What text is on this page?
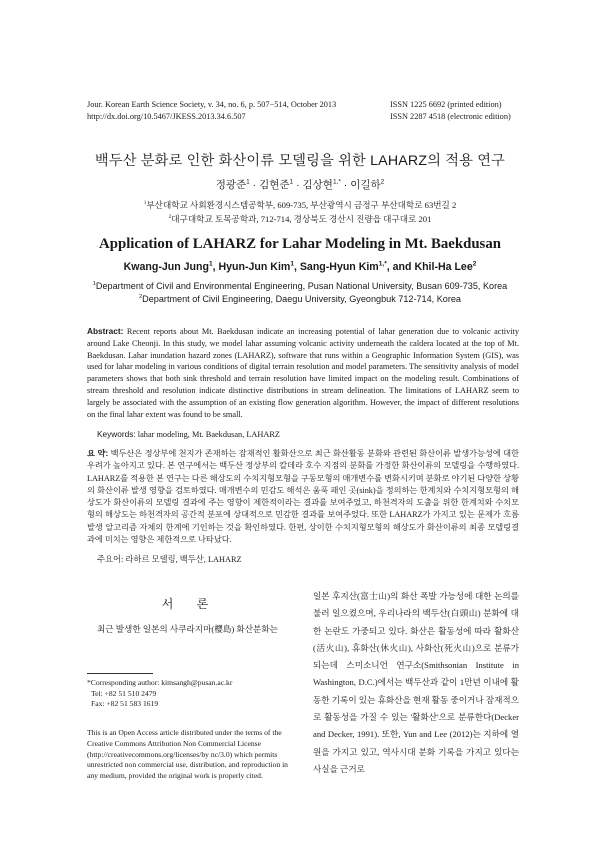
Jour. Korean Earth Science Society, v. 34, no. 6, p. 507−514, October 2013
http://dx.doi.org/10.5467/JKESS.2013.34.6.507
ISSN 1225 6692 (printed edition)
ISSN 2287 4518 (electronic edition)
백두산 분화로 인한 화산이류 모델링을 위한 LAHARZ의 적용 연구
정광준$^1$ · 김현준$^1$ · 김상현$^{1,*}$ · 이길하$^2$
$^1$부산대학교 사회환경시스템공학부, 609-735, 부산광역시 금정구 부산대학로 63번길 2
$^2$대구대학교 토목공학과, 712-714, 경상북도 경산시 진량읍 대구대로 201
Application of LAHARZ for Lahar Modeling in Mt. Baekdusan
Kwang-Jun Jung$^1$, Hyun-Jun Kim$^1$, Sang-Hyun Kim$^{1,*}$, and Khil-Ha Lee$^2$
$^1$Department of Civil and Environmental Engineering, Pusan National University, Busan 609-735, Korea
$^2$Department of Civil Engineering, Daegu University, Gyeongbuk 712-714, Korea
Abstract: Recent reports about Mt. Baekdusan indicate an increasing potential of lahar generation due to volcanic activity around Lake Cheonji. In this study, we model lahar assuming volcanic activity underneath the caldera located at the top of Mt. Baekdusan. Lahar inundation hazard zones (LAHARZ), software that runs within a Geographic Information System (GIS), was used for lahar modeling in various conditions of digital terrain resolution and model parameters. The sensitivity analysis of model parameters shows that both sink threshold and terrain resolution have limited impact on the modeling result. Combinations of stream threshold and resolution indicate distinctive distributions in stream delineation. The limitations of LAHARZ seem to largely be associated with the assumption of an existing flow generation algorithm. However, the impact of different resolutions on the final lahar extent was found to be small.
Keywords: lahar modeling, Mt. Baekdusan, LAHARZ
요 약: 백두산은 정상부에 천지가 존재하는 잠재적인 활화산으로 최근 화산활동 분화와 관련된 화산이류 발생가능성에 대한 우려가 높아지고 있다. 본 연구에서는 백두산 정상부의 칼데라 호수 지점의 분화를 가정한 화산이류의 모델링을 수행하였다. LAHARZ를 적용한 본 연구는 다른 해상도의 수치지형모형을 구동모형의 매개변수를 변화시키며 분화로 야기된 다양한 상황의 화산이류 발생 영향을 검토하였다. 매개변수의 민감도 해석은 움푹 패인 곳(sink)을 정의하는 한계치와 수치지형모형의 해상도가 화산이류의 모델링 결과에 주는 영향이 제한적이라는 결과를 보여주었고, 하천격자의 도출을 위한 한계치와 수치모형의 해상도는 하천격자의 공간적 분포에 상대적으로 민감한 결과를 보여주었다. 또한 LAHARZ가 가지고 있는 문제가 흐름 발생 알고리즘 자체의 한계에 기인하는 것을 확인하였다. 한편, 상이한 수치지형모형의 해상도가 화산이류의 최종 모델링결과에 미치는 영향은 제한적으로 나타났다.
주요어: 라하르 모델링, 백두산, LAHARZ
서 론
최근 발생한 일본의 사쿠라지마(櫻島) 화산분화는
*Corresponding author: kimsangh@pusan.ac.kr
Tel: +82 51 510 2479
Fax: +82 51 583 1619
This is an Open Access article distributed under the terms of the Creative Commons Attribution Non Commercial License (http://creativecommons.org/licenses/by nc/3.0) which permits unrestricted non commercial use, distribution, and reproduction in any medium, provided the original work is properly cited.
일본 후지산(富士山)의 화산 폭발 가능성에 대한 논의를 불러 일으켰으며, 우리나라의 백두산(白頭山) 분화에 대한 논란도 가중되고 있다. 화산은 활동성에 따라 활화산(活火山), 휴화산(休火山), 사화산(死火山)으로 분류가 되는데 스미소니언 연구소(Smithsonian Institute in Washington, D.C.)에서는 백두산과 같이 1만년 이내에 활동한 기록이 있는 휴화산을 현재 활동 중이거나 잠재적으로 활동성을 가질 수 있는 '활화산'으로 분류한다(Decker and Decker, 1991). 또한, Yun and Lee (2012)는 지하에 열원을 가지고 있고, 역사시대 분화 기록을 가지고 있다는 사실을 근거로
